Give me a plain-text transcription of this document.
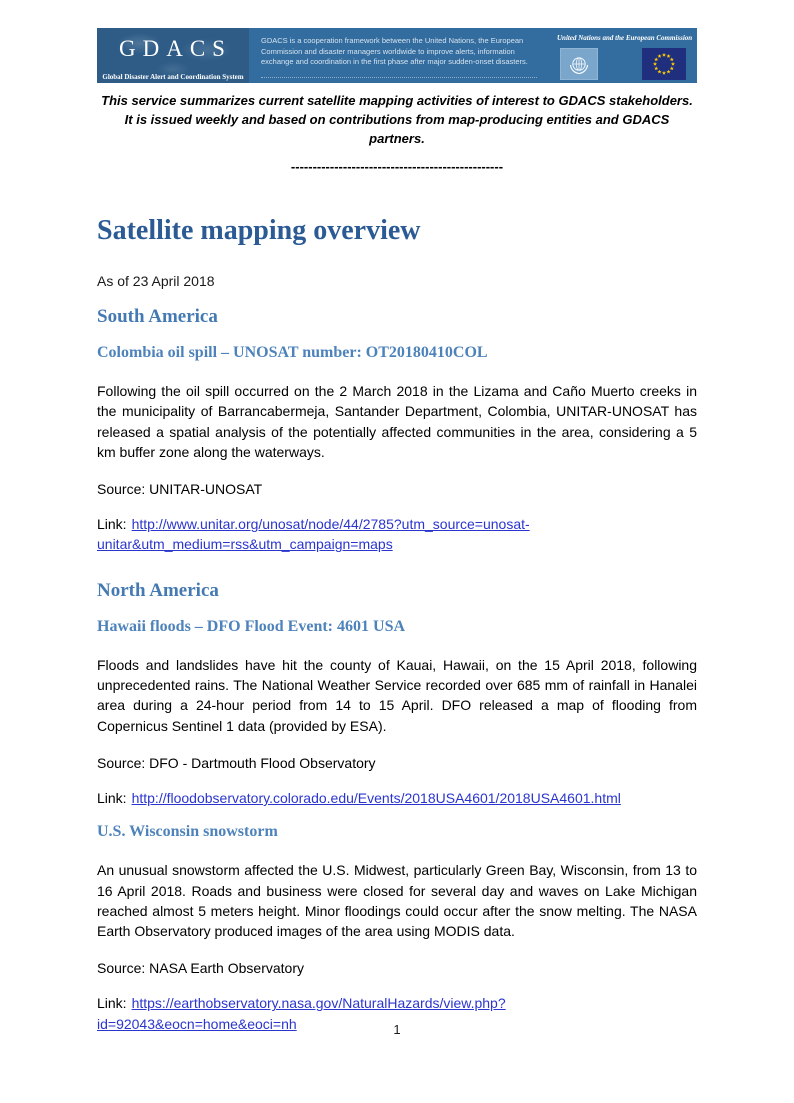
GDACS
Global Disaster Alert and Coordination System

GDACS is a cooperation framework between the United Nations, the European Commission and disaster managers worldwide to improve alerts, information exchange and coordination in the first phase after major sudden-onset disasters.

United Nations and the European Commission

This service summarizes current satellite mapping activities of interest to GDACS stakeholders. It is issued weekly and based on contributions from map-producing entities and GDACS partners.

-------------------------------------------------

Satellite mapping overview

As of 23 April 2018

South America
Colombia oil spill – UNOSAT number: OT20180410COL

Following the oil spill occurred on the 2 March 2018 in the Lizama and Caño Muerto creeks in the municipality of Barrancabermeja, Santander Department, Colombia, UNITAR-UNOSAT has released a spatial analysis of the potentially affected communities in the area, considering a 5 km buffer zone along the waterways.

Source: UNITAR-UNOSAT

Link: http://www.unitar.org/unosat/node/44/2785?utm_source=unosat-unitar&utm_medium=rss&utm_campaign=maps

North America
Hawaii floods – DFO Flood Event: 4601 USA

Floods and landslides have hit the county of Kauai, Hawaii, on the 15 April 2018, following unprecedented rains. The National Weather Service recorded over 685 mm of rainfall in Hanalei area during a 24-hour period from 14 to 15 April. DFO released a map of flooding from Copernicus Sentinel 1 data (provided by ESA).

Source: DFO - Dartmouth Flood Observatory

Link: http://floodobservatory.colorado.edu/Events/2018USA4601/2018USA4601.html

U.S. Wisconsin snowstorm

An unusual snowstorm affected the U.S. Midwest, particularly Green Bay, Wisconsin, from 13 to 16 April 2018. Roads and business were closed for several day and waves on Lake Michigan reached almost 5 meters height. Minor floodings could occur after the snow melting. The NASA Earth Observatory produced images of the area using MODIS data.

Source: NASA Earth Observatory

Link: https://earthobservatory.nasa.gov/NaturalHazards/view.php?id=92043&eocn=home&eoci=nh	1
